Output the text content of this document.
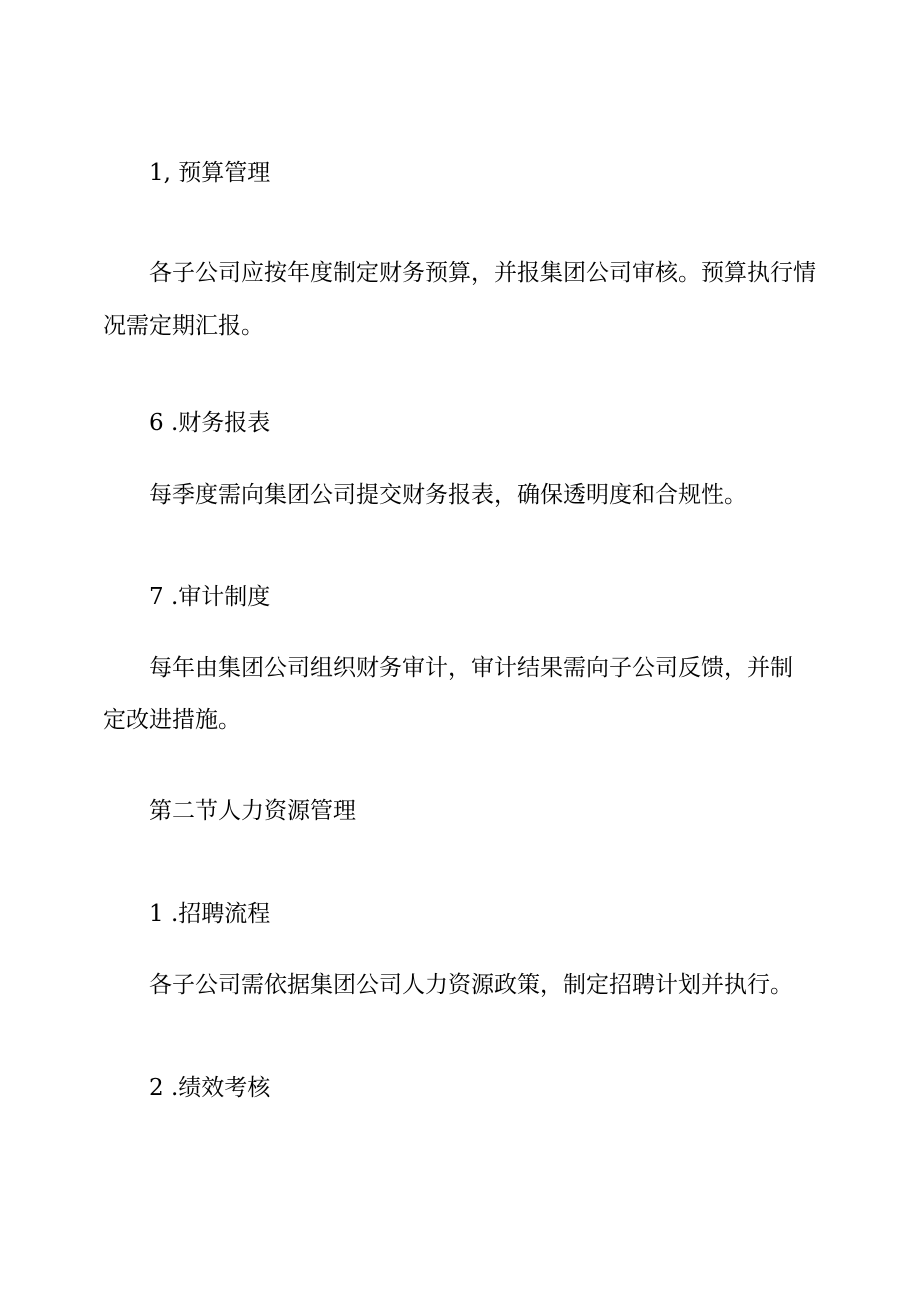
1, 预算管理

各子公司应按年度制定财务预算，并报集团公司审核。预算执行情

况需定期汇报。

6 .财务报表

每季度需向集团公司提交财务报表，确保透明度和合规性。

7 .审计制度

每年由集团公司组织财务审计，审计结果需向子公司反馈，并制

定改进措施。

第二节人力资源管理

1 .招聘流程

各子公司需依据集团公司人力资源政策，制定招聘计划并执行。

2 .绩效考核
